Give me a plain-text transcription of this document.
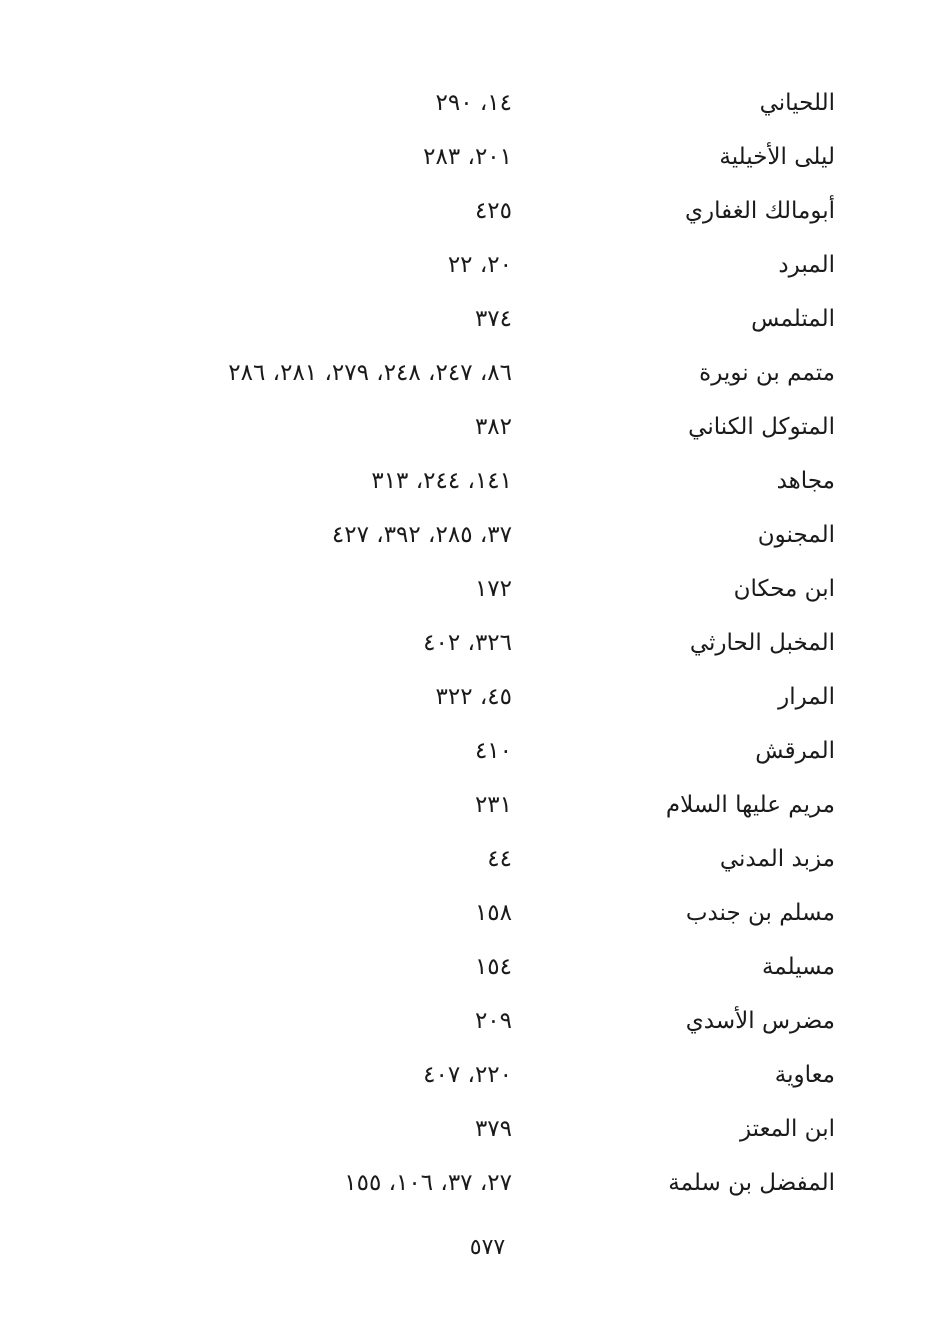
اللحياني
١٤، ٢٩٠
ليلى الأخيلية
٢٠١، ٢٨٣
أبومالك الغفاري
٤٢٥
المبرد
٢٠، ٢٢
المتلمس
٣٧٤
متمم بن نويرة
٨٦، ٢٤٧، ٢٤٨، ٢٧٩، ٢٨١، ٢٨٦
المتوكل الكناني
٣٨٢
مجاهد
١٤١، ٢٤٤، ٣١٣
المجنون
٣٧، ٢٨٥، ٣٩٢، ٤٢٧
ابن محكان
١٧٢
المخبل الحارثي
٣٢٦، ٤٠٢
المرار
٤٥، ٣٢٢
المرقش
٤١٠
مريم عليها السلام
٢٣١
مزبد المدني
٤٤
مسلم بن جندب
١٥٨
مسيلمة
١٥٤
مضرس الأسدي
٢٠٩
معاوية
٢٢٠، ٤٠٧
ابن المعتز
٣٧٩
المفضل بن سلمة
٢٧، ٣٧، ١٠٦، ١٥٥
٥٧٧
